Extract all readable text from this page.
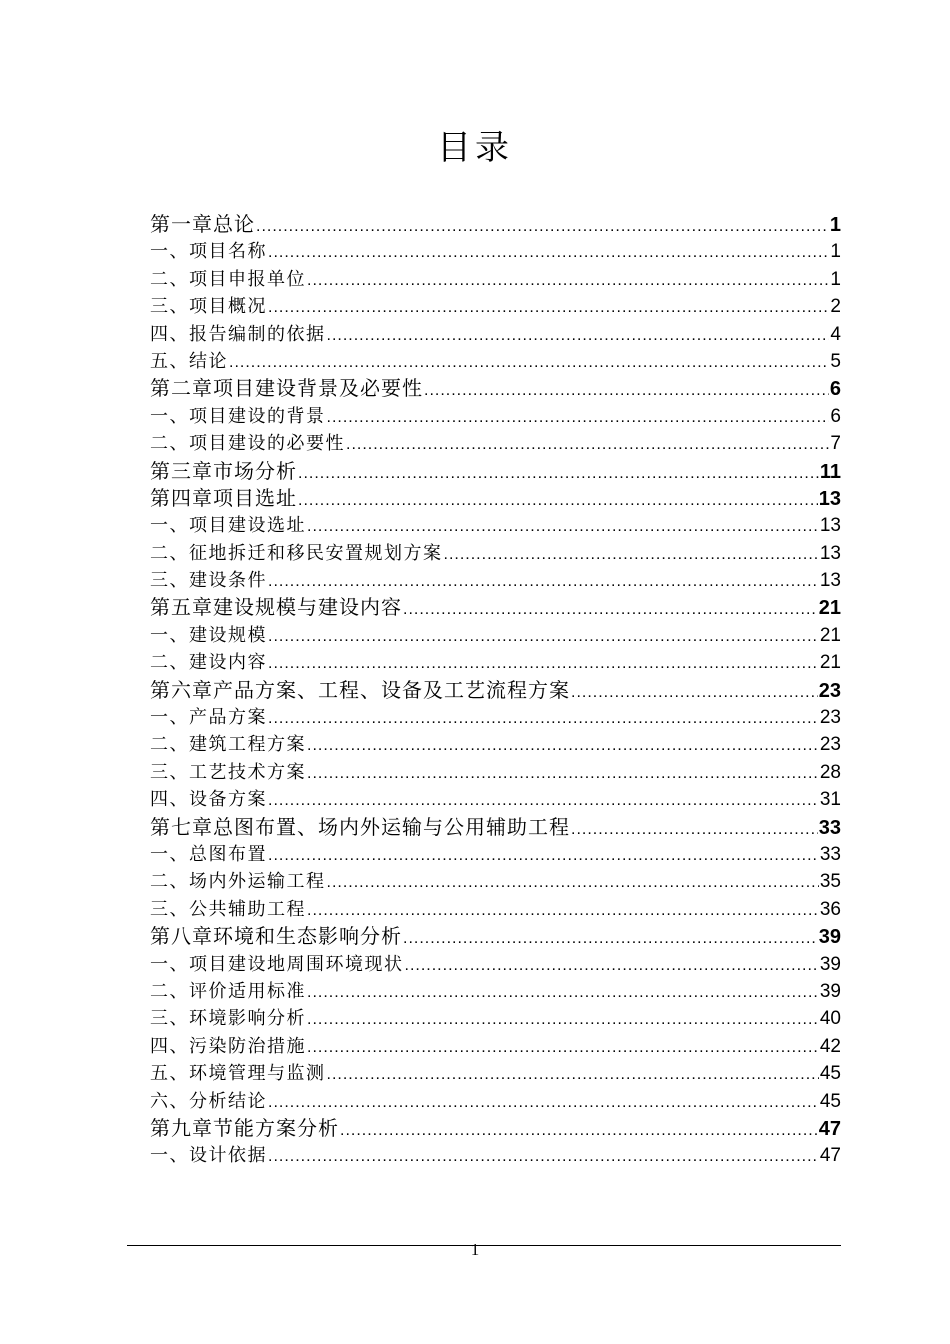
目录
第一章总论 .....	1
一、项目名称 .....	1
二、项目申报单位 .....	1
三、项目概况 .....	2
四、报告编制的依据 .....	4
五、结论 .....	5
第二章项目建设背景及必要性 .....	6
一、项目建设的背景 .....	6
二、项目建设的必要性 .....	7
第三章市场分析 .....	11
第四章项目选址 .....	13
一、项目建设选址 .....	13
二、征地拆迁和移民安置规划方案 .....	13
三、建设条件 .....	13
第五章建设规模与建设内容 .....	21
一、建设规模 .....	21
二、建设内容 .....	21
第六章产品方案、工程、设备及工艺流程方案 .....	23
一、产品方案 .....	23
二、建筑工程方案 .....	23
三、工艺技术方案 .....	28
四、设备方案 .....	31
第七章总图布置、场内外运输与公用辅助工程 .....	33
一、总图布置 .....	33
二、场内外运输工程 .....	35
三、公共辅助工程 .....	36
第八章环境和生态影响分析 .....	39
一、项目建设地周围环境现状 .....	39
二、评价适用标准 .....	39
三、环境影响分析 .....	40
四、污染防治措施 .....	42
五、环境管理与监测 .....	45
六、分析结论 .....	45
第九章节能方案分析 .....	47
一、设计依据 .....	47
1
